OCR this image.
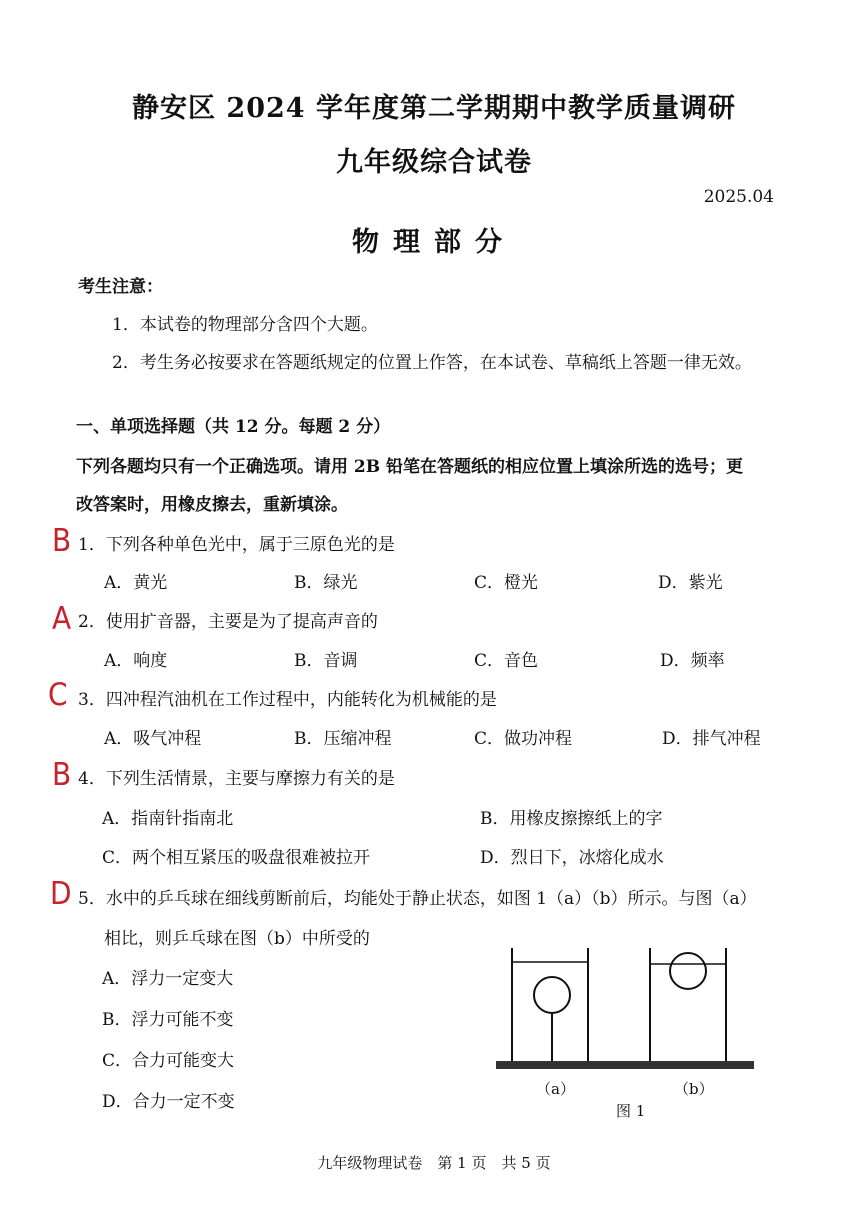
静安区 2024 学年度第二学期期中教学质量调研
九年级综合试卷
2025.04
物理部分
考生注意：
1．本试卷的物理部分含四个大题。
2．考生务必按要求在答题纸规定的位置上作答，在本试卷、草稿纸上答题一律无效。
一、单项选择题（共 12 分。每题 2 分）
下列各题均只有一个正确选项。请用 2B 铅笔在答题纸的相应位置上填涂所选的选号；更
改答案时，用橡皮擦去，重新填涂。
B 1．下列各种单色光中，属于三原色光的是
A．黄光	B．绿光	C．橙光	D．紫光
A 2．使用扩音器，主要是为了提高声音的
A．响度	B．音调	C．音色	D．频率
C 3．四冲程汽油机在工作过程中，内能转化为机械能的是
A．吸气冲程	B．压缩冲程	C．做功冲程	D．排气冲程
B 4．下列生活情景，主要与摩擦力有关的是
A．指南针指南北	B．用橡皮擦擦纸上的字
C．两个相互紧压的吸盘很难被拉开	D．烈日下，冰熔化成水
D 5．水中的乒乓球在细线剪断前后，均能处于静止状态，如图 1（a）（b）所示。与图（a）
相比，则乒乓球在图（b）中所受的
A．浮力一定变大
B．浮力可能不变
C．合力可能变大
D．合力一定不变
（a）	（b）
图 1
九年级物理试卷　第 1 页　共 5 页
